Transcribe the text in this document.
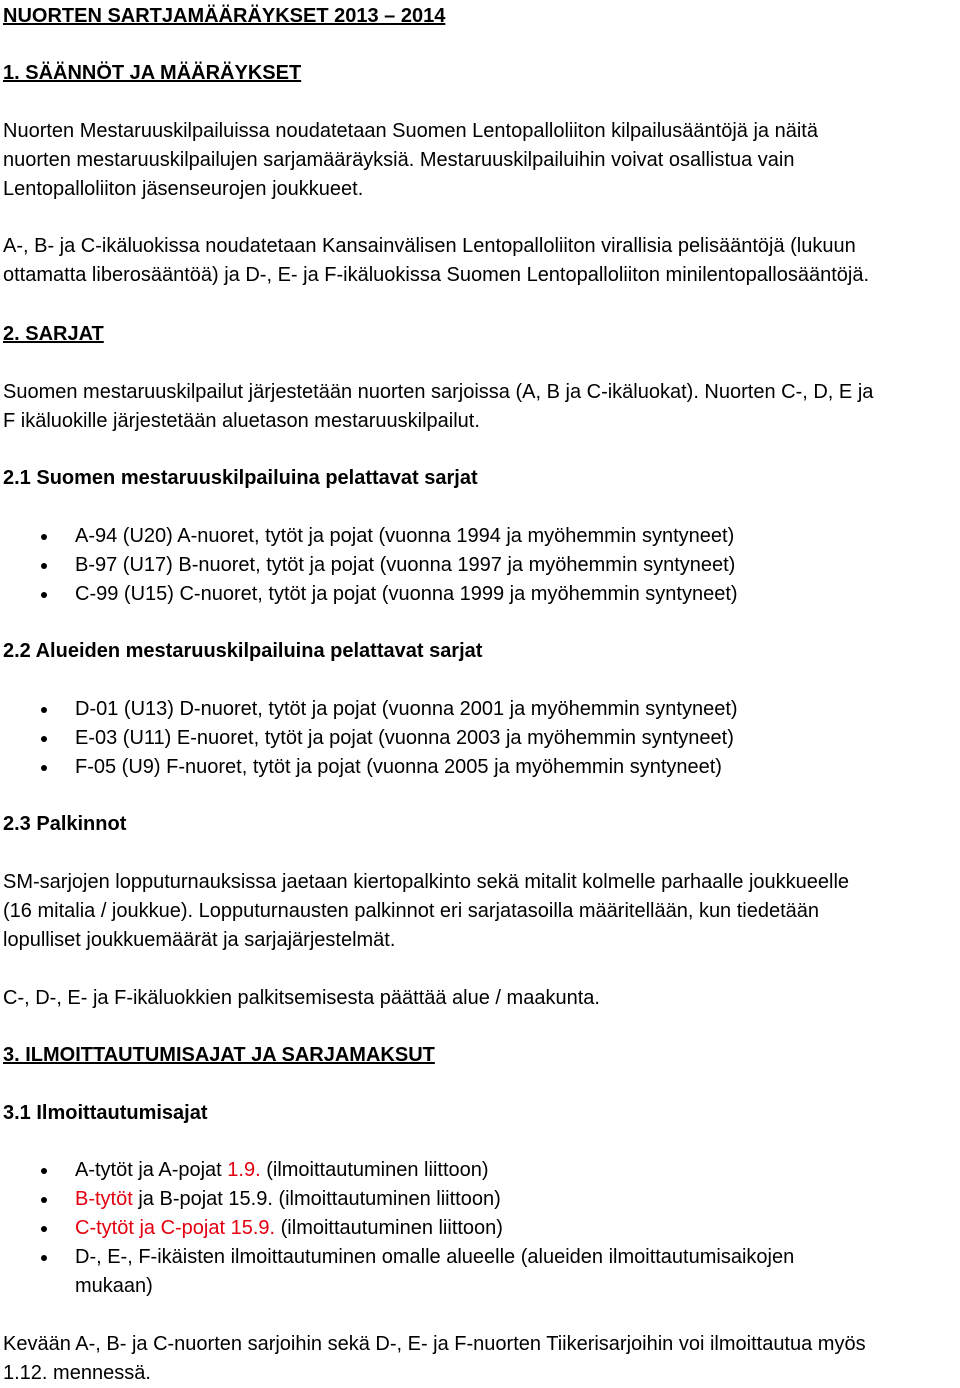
NUORTEN SARTJAMÄÄRÄYKSET 2013 – 2014
1. SÄÄNNÖT JA MÄÄRÄYKSET
Nuorten Mestaruuskilpailuissa noudatetaan Suomen Lentopalloliiton kilpailusääntöjä ja näitä
nuorten mestaruuskilpailujen sarjamääräyksiä. Mestaruuskilpailuihin voivat osallistua vain
Lentopalloliiton jäsenseurojen joukkueet.
A-, B- ja C-ikäluokissa noudatetaan Kansainvälisen Lentopalloliiton virallisia pelisääntöjä (lukuun
ottamatta liberosääntöä) ja D-, E- ja F-ikäluokissa Suomen Lentopalloliiton minilentopallosääntöjä.
2. SARJAT
Suomen mestaruuskilpailut järjestetään nuorten sarjoissa (A, B ja C-ikäluokat). Nuorten C-, D, E ja
F ikäluokille järjestetään aluetason mestaruuskilpailut.
2.1 Suomen mestaruuskilpailuina pelattavat sarjat
A-94 (U20) A-nuoret, tytöt ja pojat (vuonna 1994 ja myöhemmin syntyneet)
B-97 (U17) B-nuoret, tytöt ja pojat (vuonna 1997 ja myöhemmin syntyneet)
C-99 (U15) C-nuoret, tytöt ja pojat (vuonna 1999 ja myöhemmin syntyneet)
2.2 Alueiden mestaruuskilpailuina pelattavat sarjat
D-01 (U13) D-nuoret, tytöt ja pojat (vuonna 2001 ja myöhemmin syntyneet)
E-03 (U11) E-nuoret, tytöt ja pojat (vuonna 2003 ja myöhemmin syntyneet)
F-05 (U9) F-nuoret, tytöt ja pojat (vuonna 2005 ja myöhemmin syntyneet)
2.3 Palkinnot
SM-sarjojen lopputurnauksissa jaetaan kiertopalkinto sekä mitalit kolmelle parhaalle joukkueelle
(16 mitalia / joukkue). Lopputurnausten palkinnot eri sarjatasoilla määritellään, kun tiedetään
lopulliset joukkuemäärät ja sarjajärjestelmät.
C-, D-, E- ja F-ikäluokkien palkitsemisesta päättää alue / maakunta.
3. ILMOITTAUTUMISAJAT JA SARJAMAKSUT
3.1 Ilmoittautumisajat
A-tytöt ja A-pojat 1.9. (ilmoittautuminen liittoon)
B-tytöt ja B-pojat 15.9. (ilmoittautuminen liittoon)
C-tytöt ja C-pojat 15.9. (ilmoittautuminen liittoon)
D-, E-, F-ikäisten ilmoittautuminen omalle alueelle (alueiden ilmoittautumisaikojen
mukaan)
Kevään A-, B- ja C-nuorten sarjoihin sekä D-, E- ja F-nuorten Tiikerisarjoihin voi ilmoittautua myös
1.12. mennessä.
